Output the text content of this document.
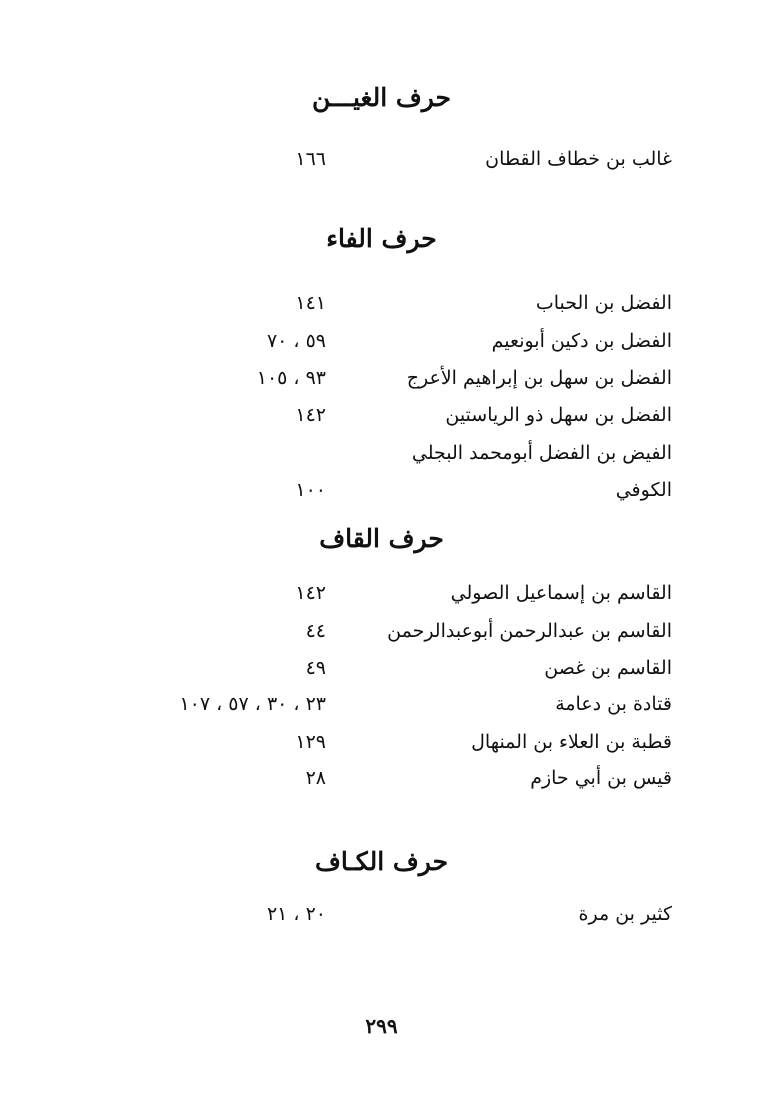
حرف الغيـــن
غالب بن خطاف القطان
١٦٦
حرف الفاء
الفضل بن الحباب
١٤١
الفضل بن دكين أبونعيم
٥٩ ، ٧٠
الفضل بن سهل بن إبراهيم الأعرج
٩٣ ، ١٠٥
الفضل بن سهل ذو الرياستين
١٤٢
الفيض بن الفضل أبومحمد البجلي
الكوفي
١٠٠
حرف القاف
القاسم بن إسماعيل الصولي
١٤٢
القاسم بن عبدالرحمن أبوعبدالرحمن
٤٤
القاسم بن غصن
٤٩
قتادة بن دعامة
٢٣ ، ٣٠ ، ٥٧ ، ١٠٧
قطبة بن العلاء بن المنهال
١٢٩
قيس بن أبي حازم
٢٨
حرف الكـاف
كثير بن مرة
٢٠ ، ٢١
٢٩٩
